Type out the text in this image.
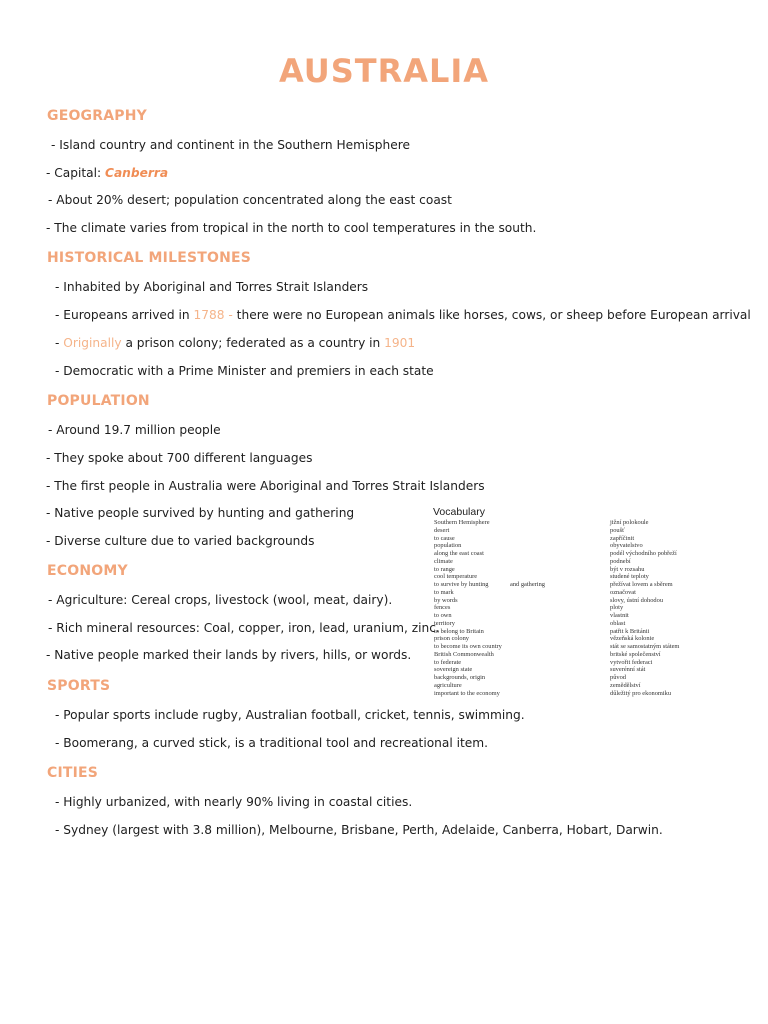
AUSTRALIA
GEOGRAPHY
- Island country and continent in the Southern Hemisphere
- Capital: Canberra
- About 20% desert; population concentrated along the east coast
- The climate varies from tropical in the north to cool temperatures in the south.
HISTORICAL MILESTONES
- Inhabited by Aboriginal and Torres Strait Islanders
- Europeans arrived in 1788 - there were no European animals like horses, cows, or sheep before European arrival
- Originally a prison colony; federated as a country in 1901
- Democratic with a Prime Minister and premiers in each state
POPULATION
- Around 19.7 million people
- They spoke about 700 different languages
- The first people in Australia were Aboriginal and Torres Strait Islanders
- Native people survived by hunting and gathering
- Diverse culture due to varied backgrounds
ECONOMY
- Agriculture: Cereal crops, livestock (wool, meat, dairy).
- Rich mineral resources: Coal, copper, iron, lead, uranium, zinc.
- Native people marked their lands by rivers, hills, or words.
SPORTS
- Popular sports include rugby, Australian football, cricket, tennis, swimming.
- Boomerang, a curved stick, is a traditional tool and recreational item.
CITIES
- Highly urbanized, with nearly 90% living in coastal cities.
- Sydney (largest with 3.8 million), Melbourne, Brisbane, Perth, Adelaide, Canberra, Hobart, Darwin.
Vocabulary
Southern Hemisphere	jižní polokoule
desert	poušť
to cause	zapříčinit
population	obyvatelstvo
along the east coast	podél východního pobřeží
climate	podnebí
to range	být v rozsahu
cool temperature	studené teploty
to survive by hunting	and gathering	přežívat lovem a sběrem
to mark	označovat
by words	slovy, ústní dohodou
fences	ploty
to own	vlastnit
territory	oblast
to belong to Britain	patřit k Británii
prison colony	vězeňská kolonie
to become its own country	stát se samostatným státem
British Commonwealth	britské společenství
to federate	vytvořit federaci
sovereign state	suverénní stát
backgrounds, origin	původ
agriculture	zemědělství
important to the economy	důležitý pro ekonomiku
